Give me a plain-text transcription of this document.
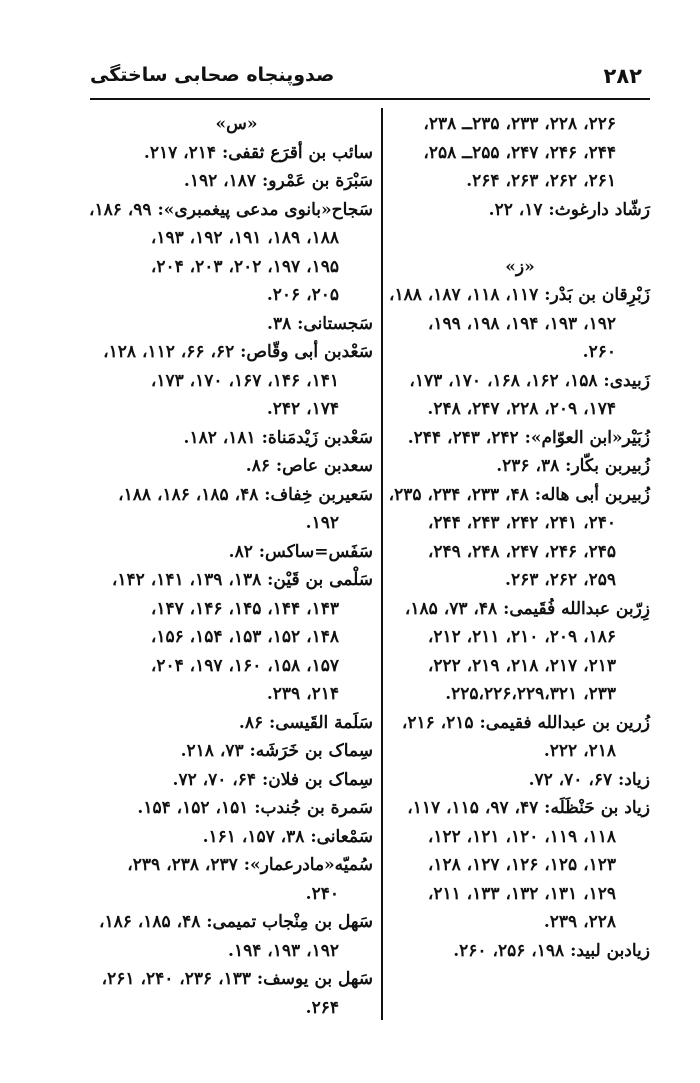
۲۸۲
صدوپنجاه صحابی ساختگی
۲۲۶، ۲۲۸، ۲۳۳، ۲۳۵ــ ۲۳۸،
۲۴۴، ۲۴۶، ۲۴۷، ۲۵۵ــ ۲۵۸،
۲۶۱، ۲۶۲، ۲۶۳، ۲۶۴.
رَشّاد دارغوث: ۱۷، ۲۲.
«ز»
زَبْرِقان بن بَدْر: ۱۱۷، ۱۱۸، ۱۸۷، ۱۸۸،
۱۹۲، ۱۹۳، ۱۹۴، ۱۹۸، ۱۹۹،
۲۶۰.
زَبیدی: ۱۵۸، ۱۶۲، ۱۶۸، ۱۷۰، ۱۷۳،
۱۷۴، ۲۰۹، ۲۲۸، ۲۴۷، ۲۴۸.
زُبَیْر«ابن العوّام»: ۲۴۲، ۲۴۳، ۲۴۴.
زُبیربن بکّار: ۳۸، ۲۳۶.
زُبیربن أبی هاله: ۴۸، ۲۳۳، ۲۳۴، ۲۳۵،
۲۴۰، ۲۴۱، ۲۴۲، ۲۴۳، ۲۴۴،
۲۴۵، ۲۴۶، ۲۴۷، ۲۴۸، ۲۴۹،
۲۵۹، ۲۶۲، ۲۶۳.
زِرّبن عبدالله فُقَیمی: ۴۸، ۷۳، ۱۸۵،
۱۸۶، ۲۰۹، ۲۱۰، ۲۱۱، ۲۱۲،
۲۱۳، ۲۱۷، ۲۱۸، ۲۱۹، ۲۲۲،
۲۳۳، ۲۲۵،۲۲۶،۲۲۹،۳۲۱.
زُرین بن عبدالله فقیمی: ۲۱۵، ۲۱۶،
۲۱۸، ۲۲۲.
زیاد: ۶۷، ۷۰، ۷۲.
زیاد بن حَنْظَلَه: ۴۷، ۹۷، ۱۱۵، ۱۱۷،
۱۱۸، ۱۱۹، ۱۲۰، ۱۲۱، ۱۲۲،
۱۲۳، ۱۲۵، ۱۲۶، ۱۲۷، ۱۲۸،
۱۲۹، ۱۳۱، ۱۳۲، ۱۳۳، ۲۱۱،
۲۲۸، ۲۳۹.
زیادبن لبید: ۱۹۸، ۲۵۶، ۲۶۰.
«س»
سائب بن أقرَع ثقفی: ۲۱۴، ۲۱۷.
سَبْرَة بن عَمْرو: ۱۸۷، ۱۹۲.
سَجاح«بانوی مدعی پیغمبری»: ۹۹، ۱۸۶،
۱۸۸، ۱۸۹، ۱۹۱، ۱۹۲، ۱۹۳،
۱۹۵، ۱۹۷، ۲۰۲، ۲۰۳، ۲۰۴،
۲۰۵، ۲۰۶.
سَجستانی: ۳۸.
سَعْدبن أبی وقّاص: ۶۲، ۶۶، ۱۱۲، ۱۲۸،
۱۴۱، ۱۴۶، ۱۶۷، ۱۷۰، ۱۷۳،
۱۷۴، ۲۴۲.
سَعْدبن زَیْدمَناة: ۱۸۱، ۱۸۲.
سعدبن عاص: ۸۶.
سَعیربن خِفاف: ۴۸، ۱۸۵، ۱۸۶، ۱۸۸،
۱۹۲.
سَفَس=ساکس: ۸۲.
سَلْمی بن قَیْن: ۱۳۸، ۱۳۹، ۱۴۱، ۱۴۲،
۱۴۳، ۱۴۴، ۱۴۵، ۱۴۶، ۱۴۷،
۱۴۸، ۱۵۲، ۱۵۳، ۱۵۴، ۱۵۶،
۱۵۷، ۱۵۸، ۱۶۰، ۱۹۷، ۲۰۴،
۲۱۴، ۲۳۹.
سَلَمة القَیسی: ۸۶.
سِماک بن خَرَشَه: ۷۳، ۲۱۸.
سِماک بن فلان: ۶۴، ۷۰، ۷۲.
سَمرة بن جُندب: ۱۵۱، ۱۵۲، ۱۵۴.
سَمْعانی: ۳۸، ۱۵۷، ۱۶۱.
سُمیّه«مادرعمار»: ۲۳۷، ۲۳۸، ۲۳۹،
۲۴۰.
سَهل بن مِنْجاب تمیمی: ۴۸، ۱۸۵، ۱۸۶،
۱۹۲، ۱۹۳، ۱۹۴.
سَهل بن یوسف: ۱۳۳، ۲۳۶، ۲۴۰، ۲۶۱،
۲۶۴.
